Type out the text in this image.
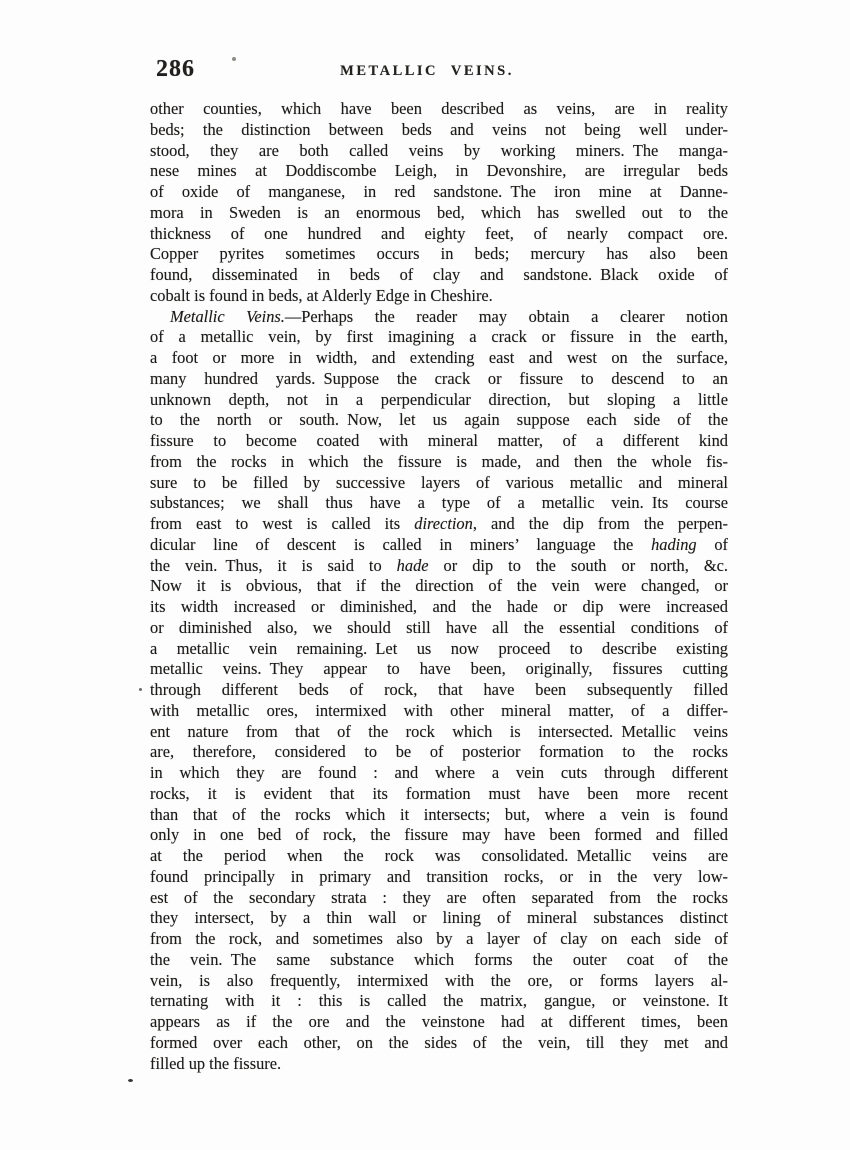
286	METALLIC VEINS.
other counties, which have been described as veins, are in reality
beds; the distinction between beds and veins not being well under-
stood, they are both called veins by working miners. The manga-
nese mines at Doddiscombe Leigh, in Devonshire, are irregular beds
of oxide of manganese, in red sandstone. The iron mine at Danne-
mora in Sweden is an enormous bed, which has swelled out to the
thickness of one hundred and eighty feet, of nearly compact ore.
Copper pyrites sometimes occurs in beds; mercury has also been
found, disseminated in beds of clay and sandstone. Black oxide of
cobalt is found in beds, at Alderly Edge in Cheshire.
Metallic Veins.—Perhaps the reader may obtain a clearer notion
of a metallic vein, by first imagining a crack or fissure in the earth,
a foot or more in width, and extending east and west on the surface,
many hundred yards. Suppose the crack or fissure to descend to an
unknown depth, not in a perpendicular direction, but sloping a little
to the north or south. Now, let us again suppose each side of the
fissure to become coated with mineral matter, of a different kind
from the rocks in which the fissure is made, and then the whole fis-
sure to be filled by successive layers of various metallic and mineral
substances; we shall thus have a type of a metallic vein. Its course
from east to west is called its direction, and the dip from the perpen-
dicular line of descent is called in miners’ language the hading of
the vein. Thus, it is said to hade or dip to the south or north, &c.
Now it is obvious, that if the direction of the vein were changed, or
its width increased or diminished, and the hade or dip were increased
or diminished also, we should still have all the essential conditions of
a metallic vein remaining. Let us now proceed to describe existing
metallic veins. They appear to have been, originally, fissures cutting
through different beds of rock, that have been subsequently filled
with metallic ores, intermixed with other mineral matter, of a differ-
ent nature from that of the rock which is intersected. Metallic veins
are, therefore, considered to be of posterior formation to the rocks
in which they are found : and where a vein cuts through different
rocks, it is evident that its formation must have been more recent
than that of the rocks which it intersects; but, where a vein is found
only in one bed of rock, the fissure may have been formed and filled
at the period when the rock was consolidated. Metallic veins are
found principally in primary and transition rocks, or in the very low-
est of the secondary strata : they are often separated from the rocks
they intersect, by a thin wall or lining of mineral substances distinct
from the rock, and sometimes also by a layer of clay on each side of
the vein. The same substance which forms the outer coat of the
vein, is also frequently, intermixed with the ore, or forms layers al-
ternating with it : this is called the matrix, gangue, or veinstone. It
appears as if the ore and the veinstone had at different times, been
formed over each other, on the sides of the vein, till they met and
filled up the fissure.
